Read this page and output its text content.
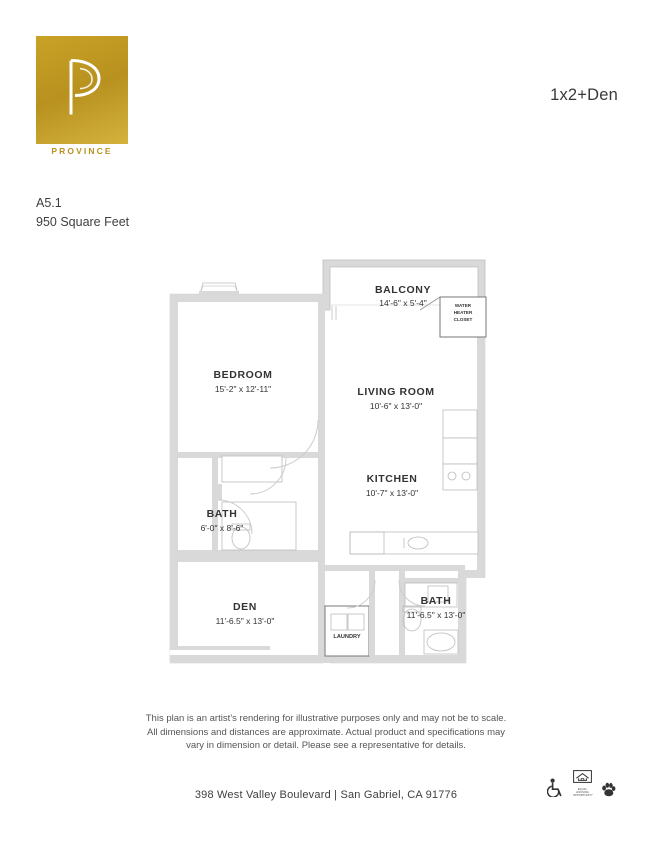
PROVINCE
1x2+Den
A5.1
950 Square Feet
BALCONY
14'-6" x 5'-4"	WATER
HEATER
CLOSET
BEDROOM
15'-2" x 12'-11"	LIVING ROOM
10'-6" x 13'-0"
KITCHEN
10'-7" x 13'-0"
BATH
6'-0" x 8'-6"
DEN
11'-6.5" x 13'-0"
LAUNDRY
BATH
11'-6.5" x 13'-0"
This plan is an artist’s rendering for illustrative purposes only and may not be to scale.
All dimensions and distances are approximate. Actual product and specifications may
vary in dimension or detail. Please see a representative for details.
398 West Valley Boulevard | San Gabriel, CA 91776	EQUAL HOUSING
OPPORTUNITY
